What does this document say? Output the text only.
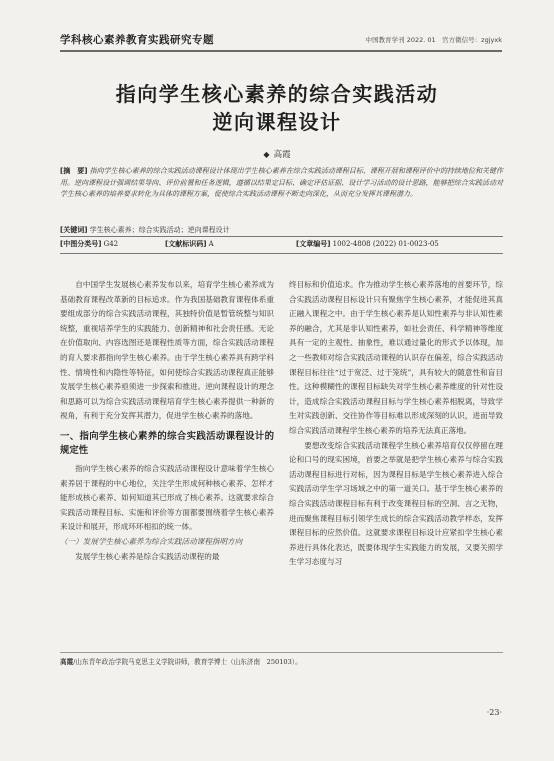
学科核心素养教育实践研究专题	中国教育学刊 2022. 01　官方微信号：zgjyxk
指向学生核心素养的综合实践活动
逆向课程设计
◆ 高霞
[摘　要] 指向学生核心素养的综合实践活动课程设计体现出学生核心素养在综合实践活动课程目标、课程开展和课程评价中的持续地位和关键作用。逆向课程设计强调结果导向、评价前置和任务逻辑，遵循以结果定目标、确定评估证据、设计学习活动的设计思路，能够把综合实践活动对学生核心素养的培养要求转化为具体的课程方案，促使综合实践活动课程不断走向深化，从而充分发挥其课程潜力。
[关键词] 学生核心素养；综合实践活动；逆向课程设计
[中图分类号] G42	[文献标识码] A	[文章编号] 1002-4808 (2022) 01-0023-05

自中国学生发展核心素养发布以来，培育学生核心素养成为基础教育课程改革新的目标追求。作为我国基础教育课程体系重要组成部分的综合实践活动课程，其独特价值是暂管统整与知识统整，重视培养学生的实践能力、创新精神和社会责任感。无论在价值取向、内容选图还是课程性质等方面，综合实践活动课程的育人要求都指向学生核心素养。由于学生核心素养具有跨学科性、情境性和内隐性等特征，如何使综合实践活动课程真正能够发展学生核心素养亟须进一步探索和推进。逆向课程设计的理念和思路可以为综合实践活动课程培育学生核心素养提供一种新的视角，有利于充分发挥其潜力，促进学生核心素养的落地。

一、指向学生核心素养的综合实践活动课程设计的规定性

指向学生核心素养的综合实践活动课程设计意味着学生核心素养居于课程的中心地位，关注学生形成何种核心素养、怎样才能形成核心素养、如何知道其已形成了核心素养。这就要求综合实践活动课程目标、实施和评价等方面都要围绕着学生核心素养来设计和展开，形成环环相扣的统一体。

（一）发展学生核心素养为综合实践活动课程指明方向

发展学生核心素养是综合实践活动课程的最

终目标和价值追求。作为推动学生核心素养落地的首要环节，综合实践活动课程目标设计只有聚焦学生核心素养，才能促进其真正融入课程之中。由于学生核心素养是认知性素养与非认知性素养的融合，尤其是非认知性素养，如社会责任、科学精神等维度具有一定的主观性、抽象性，难以通过量化的形式予以体现，加之一些教师对综合实践活动课程的认识存在偏差，综合实践活动课程目标往往“过于宽泛、过于笼统”，具有较大的随意性和盲目性。这种模糊性的课程目标缺失对学生核心素养维度的针对性设计，造成综合实践活动课程目标与学生核心素养相脱离，导致学生对实践创新、交往协作等目标难以形成深刻的认识，进而导致综合实践活动课程学生核心素养的培养无法真正落地。

要想改变综合实践活动课程学生核心素养培育仅仅停留在理论和口号的现实困境，首要之举就是把学生核心素养与综合实践活动课程目标进行对标，因为课程目标是学生核心素养进入综合实践活动学生学习场域之中的第一道关口。基于学生核心素养的综合实践活动课程目标有利于改变课程目标的空洞、言之无物，进而聚焦课程目标引领学生成长的综合实践活动教学样态，发挥课程目标的应然价值。这就要求课程目标设计应紧扣学生核心素养进行具体化表达，既要体现学生实践能力的发展，又要关照学生学习态度与习

高霞/山东青年政治学院马克思主义学院讲师，教育学博士（山东济南　250103）。
·23·
